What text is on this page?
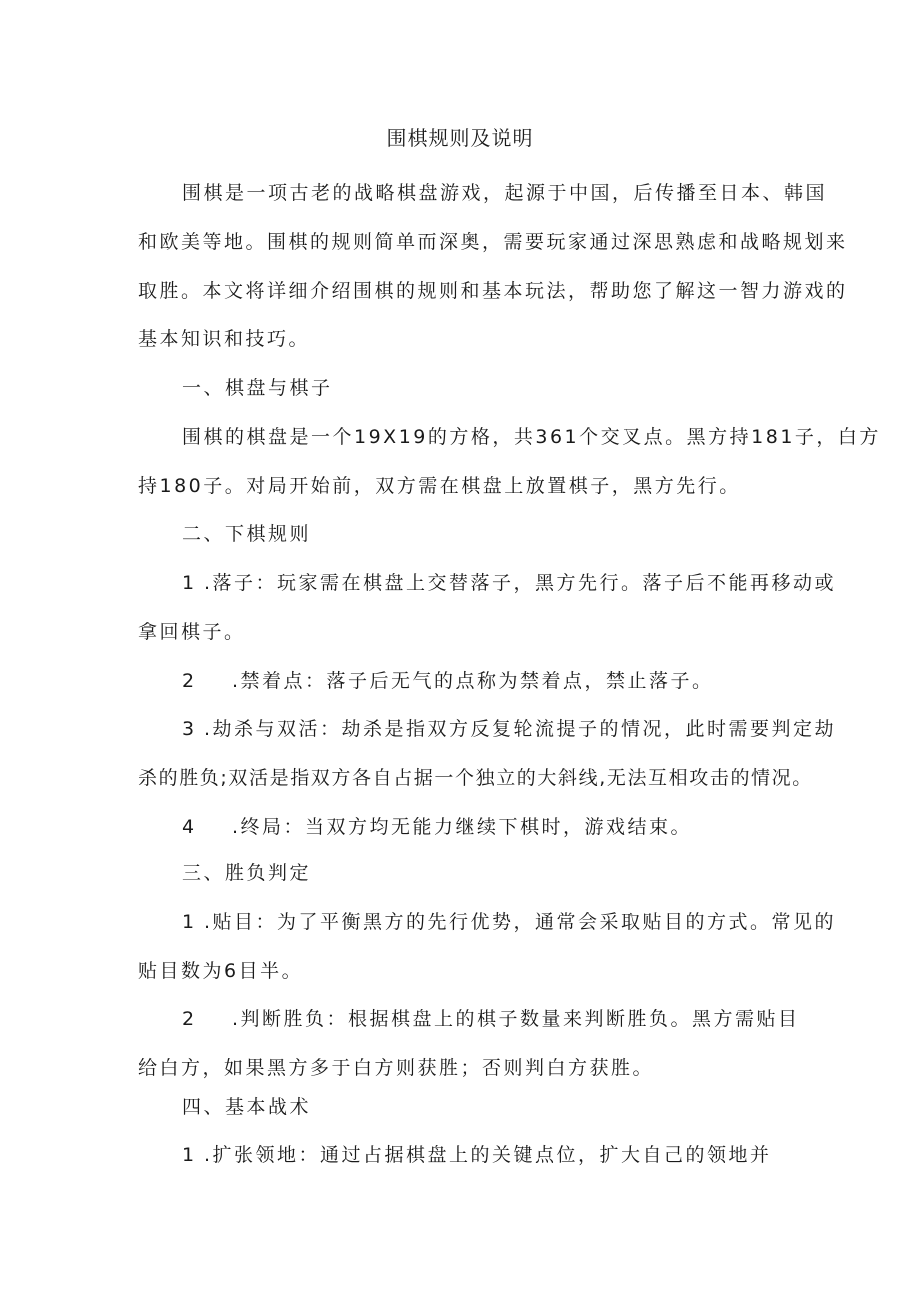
围棋规则及说明
围棋是一项古老的战略棋盘游戏，起源于中国，后传播至日本、韩国
和欧美等地。围棋的规则简单而深奥，需要玩家通过深思熟虑和战略规划来
取胜。本文将详细介绍围棋的规则和基本玩法，帮助您了解这一智力游戏的
基本知识和技巧。
一、棋盘与棋子
围棋的棋盘是一个19X19的方格，共361个交叉点。黑方持181子，白方
持180子。对局开始前，双方需在棋盘上放置棋子，黑方先行。
二、下棋规则
1 .落子：玩家需在棋盘上交替落子，黑方先行。落子后不能再移动或
拿回棋子。
2 .禁着点：落子后无气的点称为禁着点，禁止落子。
3 .劫杀与双活：劫杀是指双方反复轮流提子的情况，此时需要判定劫
杀的胜负;双活是指双方各自占据一个独立的大斜线,无法互相攻击的情况。
4 .终局：当双方均无能力继续下棋时，游戏结束。
三、胜负判定
1 .贴目：为了平衡黑方的先行优势，通常会采取贴目的方式。常见的
贴目数为6目半。
2 .判断胜负：根据棋盘上的棋子数量来判断胜负。黑方需贴目
给白方，如果黑方多于白方则获胜；否则判白方获胜。
四、基本战术
1 .扩张领地：通过占据棋盘上的关键点位，扩大自己的领地并
